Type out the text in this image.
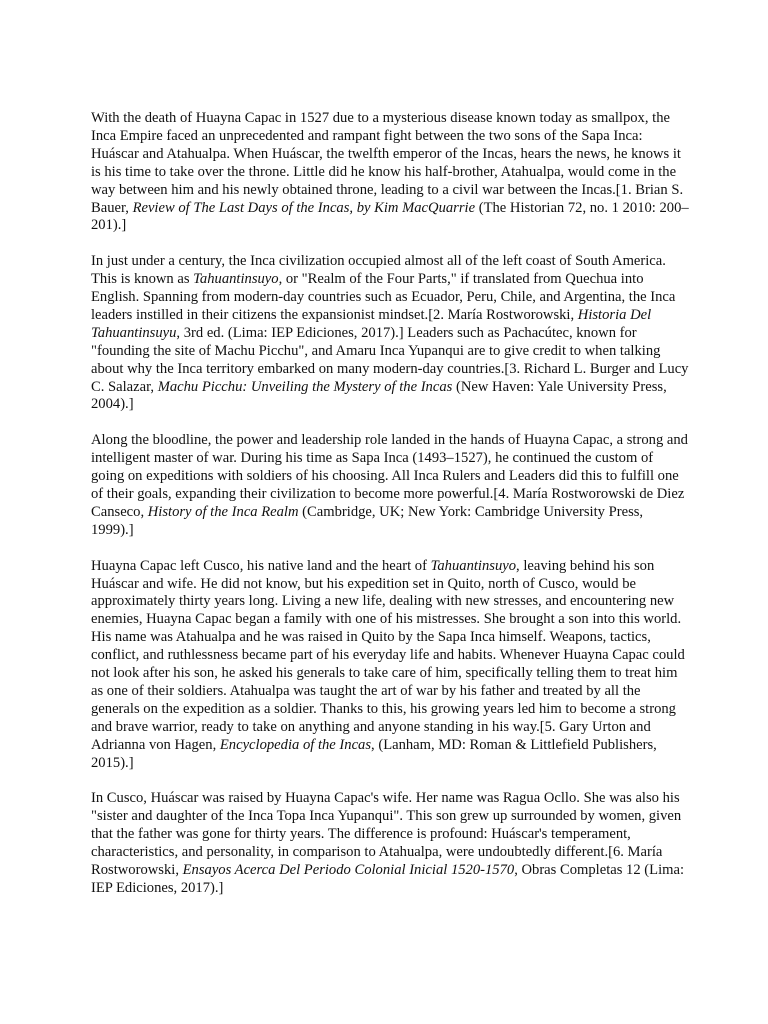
With the death of Huayna Capac in 1527 due to a mysterious disease known today as smallpox, the Inca Empire faced an unprecedented and rampant fight between the two sons of the Sapa Inca: Huáscar and Atahualpa. When Huáscar, the twelfth emperor of the Incas, hears the news, he knows it is his time to take over the throne. Little did he know his half-brother, Atahualpa, would come in the way between him and his newly obtained throne, leading to a civil war between the Incas.[1. Brian S. Bauer, Review of The Last Days of the Incas, by Kim MacQuarrie (The Historian 72, no. 1 2010: 200–201).]

In just under a century, the Inca civilization occupied almost all of the left coast of South America. This is known as Tahuantinsuyo, or "Realm of the Four Parts," if translated from Quechua into English. Spanning from modern-day countries such as Ecuador, Peru, Chile, and Argentina, the Inca leaders instilled in their citizens the expansionist mindset.[2. María Rostworowski, Historia Del Tahuantinsuyu, 3rd ed. (Lima: IEP Ediciones, 2017).] Leaders such as Pachacútec, known for "founding the site of Machu Picchu", and Amaru Inca Yupanqui are to give credit to when talking about why the Inca territory embarked on many modern-day countries.[3. Richard L. Burger and Lucy C. Salazar, Machu Picchu: Unveiling the Mystery of the Incas (New Haven: Yale University Press, 2004).]

Along the bloodline, the power and leadership role landed in the hands of Huayna Capac, a strong and intelligent master of war. During his time as Sapa Inca (1493–1527), he continued the custom of going on expeditions with soldiers of his choosing. All Inca Rulers and Leaders did this to fulfill one of their goals, expanding their civilization to become more powerful.[4. María Rostworowski de Diez Canseco, History of the Inca Realm (Cambridge, UK; New York: Cambridge University Press, 1999).]

Huayna Capac left Cusco, his native land and the heart of Tahuantinsuyo, leaving behind his son Huáscar and wife. He did not know, but his expedition set in Quito, north of Cusco, would be approximately thirty years long. Living a new life, dealing with new stresses, and encountering new enemies, Huayna Capac began a family with one of his mistresses. She brought a son into this world. His name was Atahualpa and he was raised in Quito by the Sapa Inca himself. Weapons, tactics, conflict, and ruthlessness became part of his everyday life and habits. Whenever Huayna Capac could not look after his son, he asked his generals to take care of him, specifically telling them to treat him as one of their soldiers. Atahualpa was taught the art of war by his father and treated by all the generals on the expedition as a soldier. Thanks to this, his growing years led him to become a strong and brave warrior, ready to take on anything and anyone standing in his way.[5. Gary Urton and Adrianna von Hagen, Encyclopedia of the Incas, (Lanham, MD: Roman & Littlefield Publishers, 2015).]

In Cusco, Huáscar was raised by Huayna Capac's wife. Her name was Ragua Ocllo. She was also his "sister and daughter of the Inca Topa Inca Yupanqui". This son grew up surrounded by women, given that the father was gone for thirty years. The difference is profound: Huáscar's temperament, characteristics, and personality, in comparison to Atahualpa, were undoubtedly different.[6. María Rostworowski, Ensayos Acerca Del Periodo Colonial Inicial 1520-1570, Obras Completas 12 (Lima: IEP Ediciones, 2017).]
